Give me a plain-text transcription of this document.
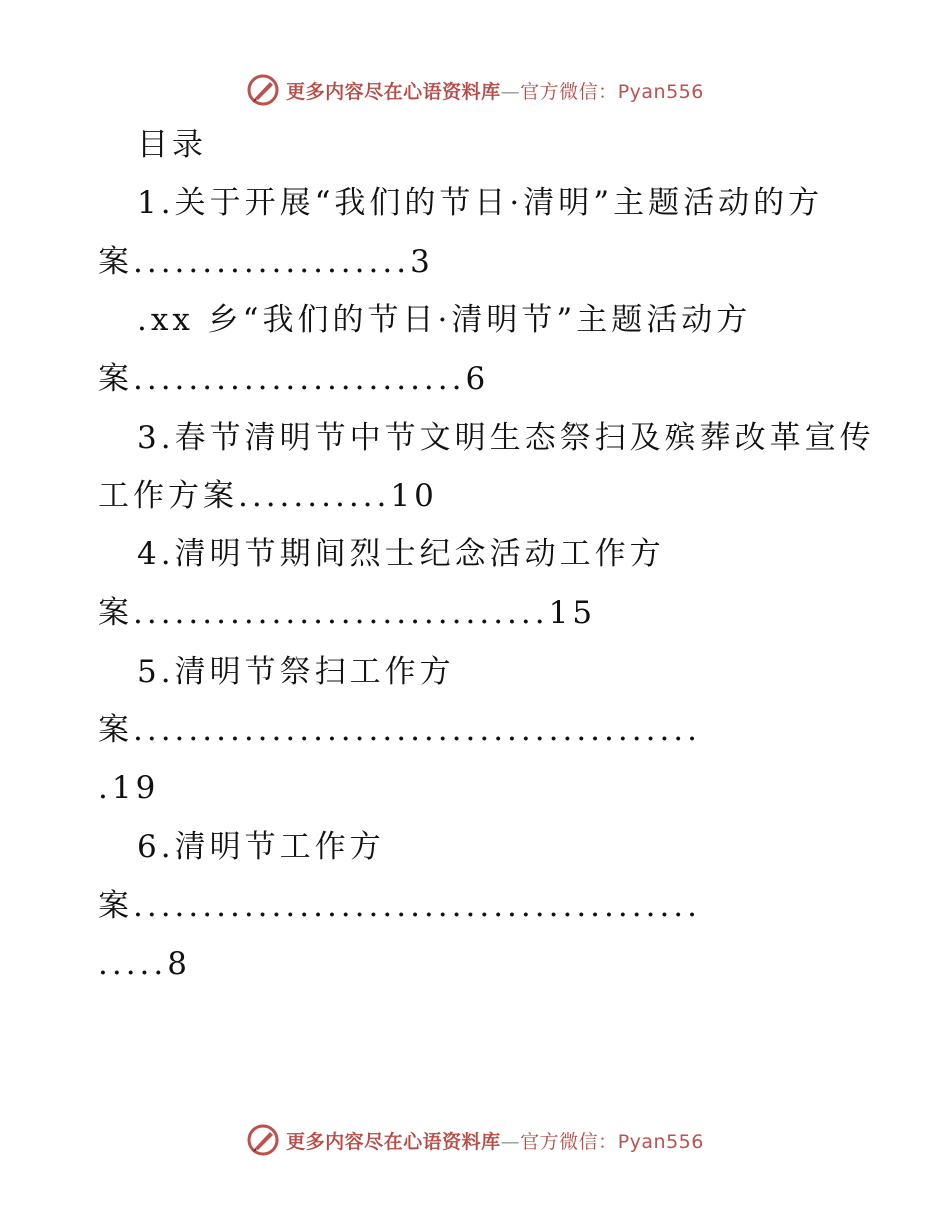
更多内容尽在心语资料库—官方微信：Pyan556
目录
1.关于开展“我们的节日·清明”主题活动的方
案....................3
.xx 乡“我们的节日·清明节”主题活动方
案........................6
3.春节清明节中节文明生态祭扫及殡葬改革宣传
工作方案...........10
4.清明节期间烈士纪念活动工作方
案..............................15
5.清明节祭扫工作方
案.........................................
.19
6.清明节工作方
案.........................................
.....8
更多内容尽在心语资料库—官方微信：Pyan556
